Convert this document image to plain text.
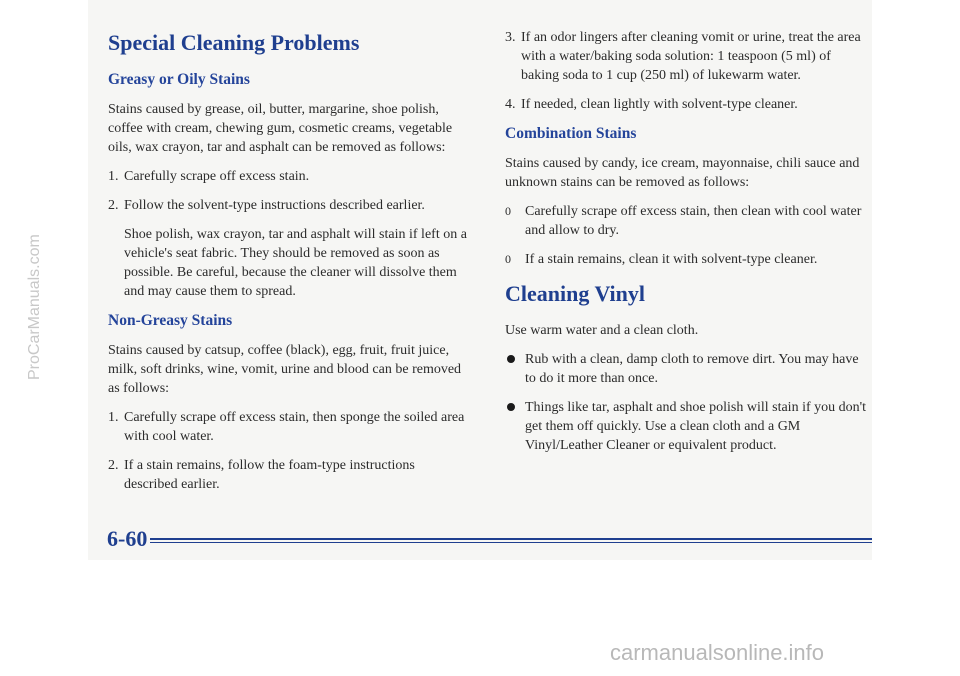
Special Cleaning Problems
Greasy or Oily Stains

Stains caused by grease, oil, butter, margarine, shoe polish, coffee with cream, chewing gum, cosmetic creams, vegetable oils, wax crayon, tar and asphalt can be removed as follows:

1. Carefully scrape off excess stain.
2. Follow the solvent-type instructions described earlier.
Shoe polish, wax crayon, tar and asphalt will stain if left on a vehicle's seat fabric. They should be removed as soon as possible. Be careful, because the cleaner will dissolve them and may cause them to spread.
Non-Greasy Stains

Stains caused by catsup, coffee (black), egg, fruit, fruit juice, milk, soft drinks, wine, vomit, urine and blood can be removed as follows:

1. Carefully scrape off excess stain, then sponge the soiled area with cool water.
2. If a stain remains, follow the foam-type instructions described earlier.
3. If an odor lingers after cleaning vomit or urine, treat the area with a water/baking soda solution: 1 teaspoon (5 ml) of baking soda to 1 cup (250 ml) of lukewarm water.
4. If needed, clean lightly with solvent-type cleaner.
Combination Stains

Stains caused by candy, ice cream, mayonnaise, chili sauce and unknown stains can be removed as follows:

0	Carefully scrape off excess stain, then clean with cool water and allow to dry.
0	If a stain remains, clean it with solvent-type cleaner.
Cleaning Vinyl

Use warm water and a clean cloth.

Rub with a clean, damp cloth to remove dirt. You may have to do it more than once.
Things like tar, asphalt and shoe polish will stain if you don't get them off quickly. Use a clean cloth and a GM Vinyl/Leather Cleaner or equivalent product.
6-60
ProCarManuals.com
carmanualsonline.info
